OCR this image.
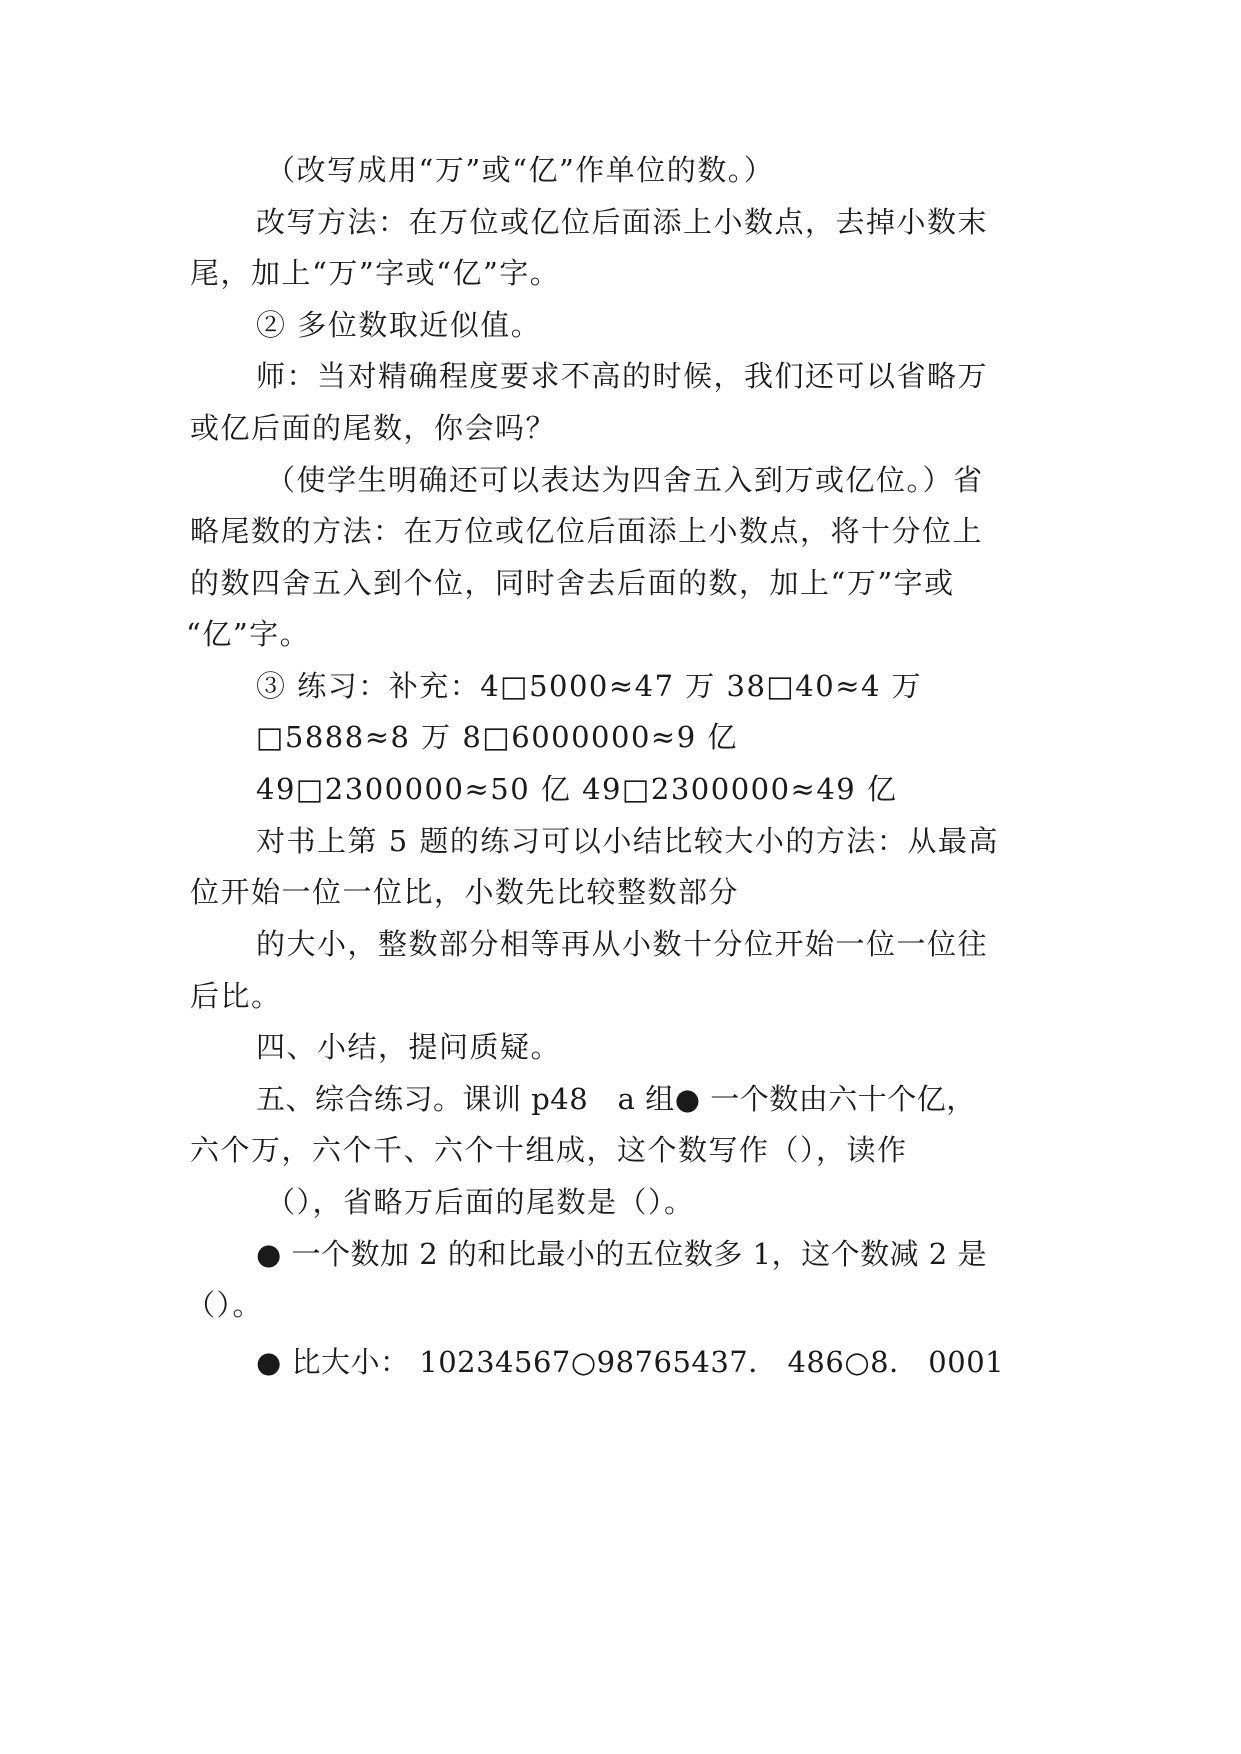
（改写成用“万”或“亿”作单位的数。）
改写方法：在万位或亿位后面添上小数点，去掉小数末
尾，加上“万”字或“亿”字。
② 多位数取近似值。
师：当对精确程度要求不高的时候，我们还可以省略万
或亿后面的尾数，你会吗？
（使学生明确还可以表达为四舍五入到万或亿位。）省
略尾数的方法：在万位或亿位后面添上小数点，将十分位上
的数四舍五入到个位，同时舍去后面的数，加上“万”字或
“亿”字。
③ 练习：补充：4□5000≈47 万 38□40≈4 万
□5888≈8 万 8□6000000≈9 亿
49□2300000≈50 亿 49□2300000≈49 亿
对书上第 5 题的练习可以小结比较大小的方法：从最高
位开始一位一位比，小数先比较整数部分
的大小，整数部分相等再从小数十分位开始一位一位往
后比。
四、小结，提问质疑。
五、综合练习。课训 p48　a 组● 一个数由六十个亿，
六个万，六个千、六个十组成，这个数写作（），读作
（），省略万后面的尾数是（）。
● 一个数加 2 的和比最小的五位数多 1，这个数减 2 是
（）。
● 比大小： 10234567○98765437． 486○8． 0001
